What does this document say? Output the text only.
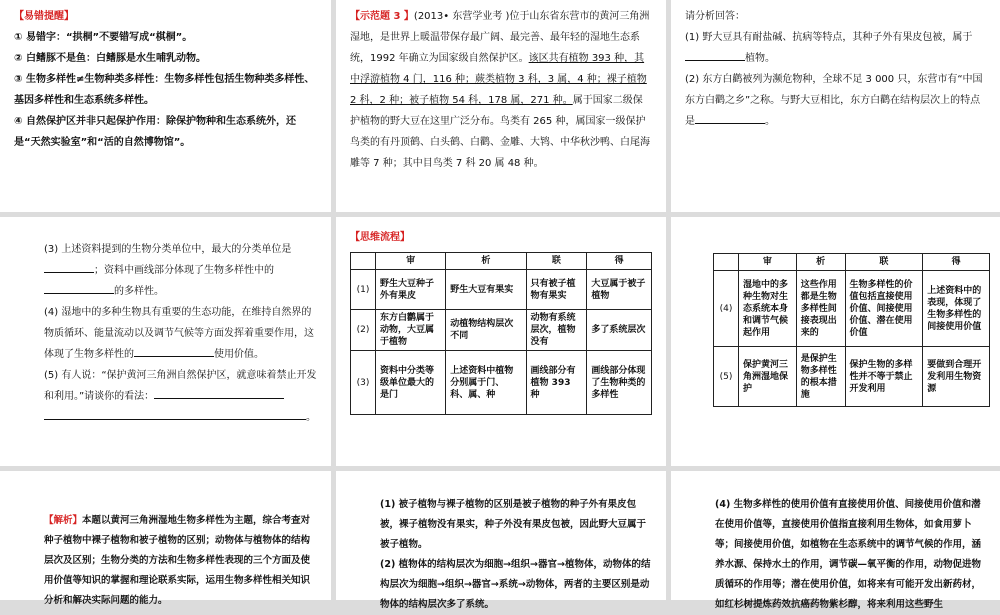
【易错提醒】

① 易错字：“拱桐”不要错写成“棋桐”。

② 白鳍豚不是鱼：白鳍豚是水生哺乳动物。

③ 生物多样性≠生物种类多样性：生物多样性包括生物种类多样性、基因多样性和生态系统多样性。

④ 自然保护区并非只起保护作用：除保护物种和生态系统外，还是“天然实验室”和“活的自然博物馆”。

【示范题 3 】(2013• 东营学业考 )位于山东省东营市的黄河三角洲湿地，是世界上暖温带保存最广阔、最完善、最年轻的湿地生态系统，1992 年确立为国家级自然保护区。该区共有植物 393 种，其中浮游植物 4 门，116 种；蕨类植物 3 科，3 属，4 种；裸子植物 2 科，2 种；被子植物 54 科，178 属，271 种。属于国家二级保护植物的野大豆在这里广泛分布。鸟类有 265 种，属国家一级保护鸟类的有丹顶鹤、白头鹤、白鹳、金雕、大鸨、中华秋沙鸭、白尾海雕等 7 种；其中目鸟类 7 科 20 属 48 种。

请分析回答：

(1) 野大豆具有耐盐碱、抗病等特点，其种子外有果皮包被，属于植物。

(2) 东方白鹳被列为濒危物种，全球不足 3 000 只，东营市有“中国东方白鹳之乡”之称。与野大豆相比，东方白鹳在结构层次上的特点是	。

(3) 上述资料提到的生物分类单位中，最大的分类单位是；资料中画线部分体现了生物多样性中的
的多样性。

(4) 湿地中的多种生物具有重要的生态功能，在维持自然界的物质循环、能量流动以及调节气候等方面发挥着重要作用，这体现了生物多样性的	使用价值。

(5) 有人说：“保护黄河三角洲自然保护区，就意味着禁止开发和利用。”请谈你的看法：
。

【思维流程】

	审	析	联	得
(1)	野生大豆种子外有果皮	野生大豆有果实	只有被子植物有果实	大豆属于被子植物
(2)	东方白鹳属于动物，大豆属于植物	动植物结构层次不同	动物有系统层次，植物没有	多了系统层次
(3)	资料中分类等级单位最大的是门	上述资料中植物分别属于门、科、属、种	画线部分有植物 393 种	画线部分体现了生物种类的多样性
	审	析	联	得
(4)	湿地中的多种生物对生态系统本身和调节气候起作用	这些作用都是生物多样性间接表现出来的	生物多样性的价值包括直接使用价值、间接使用价值、潜在使用价值	上述资料中的表现，体现了生物多样性的间接使用价值
(5)	保护黄河三角洲湿地保护	是保护生物多样性的根本措施	保护生物的多样性并不等于禁止开发利用	要做到合理开发利用生物资源

【解析】本题以黄河三角洲湿地生物多样性为主题，综合考查对种子植物中裸子植物和被子植物的区别；动物体与植物体的结构层次及区别；生物分类的方法和生物多样性表现的三个方面及使用价值等知识的掌握和理论联系实际，运用生物多样性相关知识分析和解决实际问题的能力。

(1) 被子植物与裸子植物的区别是被子植物的种子外有果皮包被，裸子植物没有果实，种子外没有果皮包被，因此野大豆属于被子植物。

(2) 植物体的结构层次为细胞→组织→器官→植物体，动物体的结构层次为细胞→组织→器官→系统→动物体，两者的主要区别是动物体的结构层次多了系统。

(4) 生物多样性的使用价值有直接使用价值、间接使用价值和潜在使用价值等，直接使用价值指直接利用生物体，如食用萝卜等；间接使用价值，如植物在生态系统中的调节气候的作用，涵养水源、保持水土的作用，调节碳—氧平衡的作用，动物促进物质循环的作用等；潜在使用价值，如将来有可能开发出新药材，如红杉树提炼药效抗癌药物紫杉醇，将来利用这些野生
